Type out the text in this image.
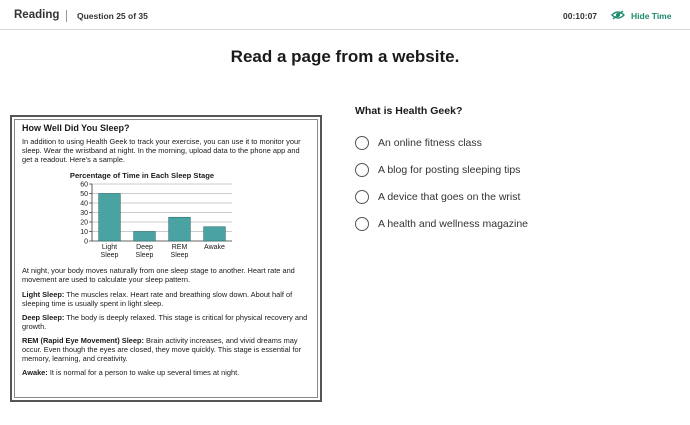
Reading Question 25 of 35	00:10:07	Hide Time
Read a page from a website.
How Well Did You Sleep?
In addition to using Health Geek to track your exercise, you can use it to monitor your sleep. Wear the wristband at night. In the morning, upload data to the phone app and get a readout. Here's a sample.
Percentage of Time in Each Sleep Stage
0
10
20
30
40
50
60
Light
Sleep
Deep
Sleep
REM
Sleep
Awake
At night, your body moves naturally from one sleep stage to another. Heart rate and movement are used to calculate your sleep pattern.
Light Sleep: The muscles relax. Heart rate and breathing slow down. About half of sleeping time is usually spent in light sleep.
Deep Sleep: The body is deeply relaxed. This stage is critical for physical recovery and growth.
REM (Rapid Eye Movement) Sleep: Brain activity increases, and vivid dreams may occur. Even though the eyes are closed, they move quickly. This stage is essential for memory, learning, and creativity.
Awake: It is normal for a person to wake up several times at night.
What is Health Geek?
An online fitness class
A blog for posting sleeping tips
A device that goes on the wrist
A health and wellness magazine
